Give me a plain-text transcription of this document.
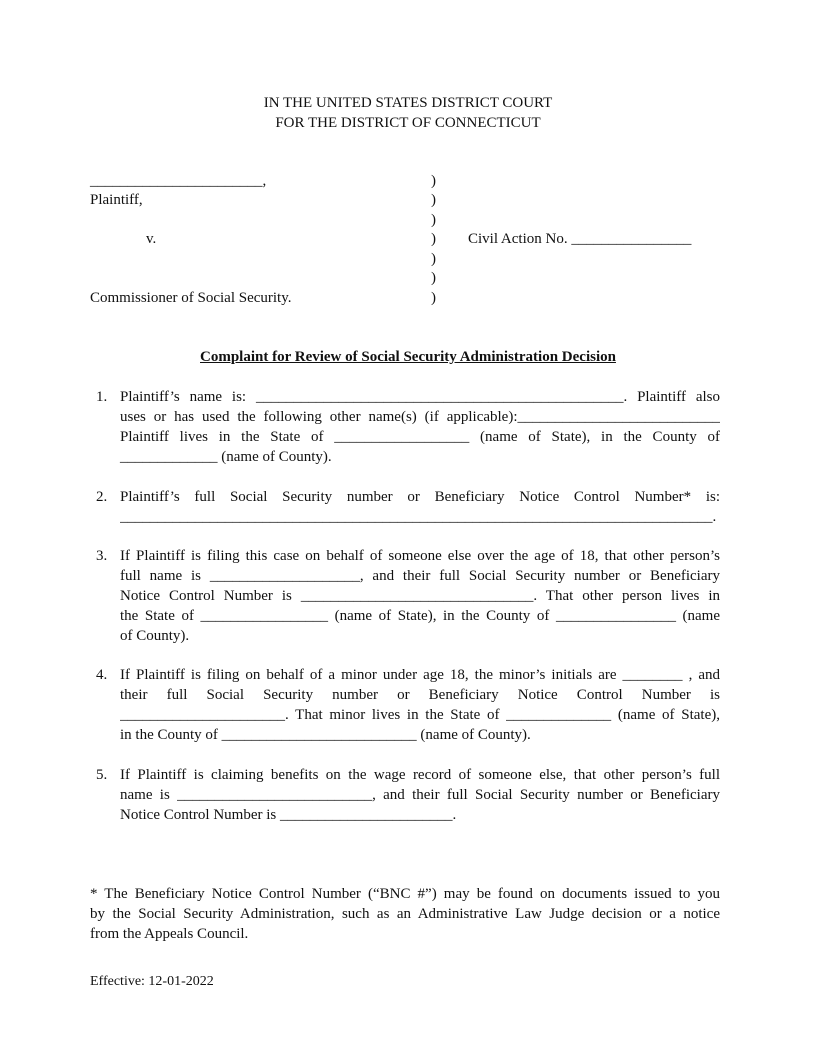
IN THE UNITED STATES DISTRICT COURT
FOR THE DISTRICT OF CONNECTICUT
_______________________,
Plaintiff,
v.
Commissioner of Social Security.
)
)
)
)
)
)
)
Civil Action No. ________________
Complaint for Review of Social Security Administration Decision
1. Plaintiff’s name is: _________________________________________________. Plaintiff also
uses or has used the following other name(s) (if applicable):___________________________
Plaintiff lives in the State of __________________ (name of State), in the County of
_____________ (name of County).
2. Plaintiff’s full Social Security number or Beneficiary Notice Control Number* is:
_______________________________________________________________________________.
3. If Plaintiff is filing this case on behalf of someone else over the age of 18, that other person’s
full name is ____________________, and their full Social Security number or Beneficiary
Notice Control Number is _______________________________. That other person lives in
the State of _________________ (name of State), in the County of ________________ (name
of County).
4. If Plaintiff is filing on behalf of a minor under age 18, the minor’s initials are ________ , and
their full Social Security number or Beneficiary Notice Control Number is
______________________. That minor lives in the State of ______________ (name of State),
in the County of __________________________ (name of County).
5. If Plaintiff is claiming benefits on the wage record of someone else, that other person’s full
name is __________________________, and their full Social Security number or Beneficiary
Notice Control Number is _______________________.
* The Beneficiary Notice Control Number (“BNC #”) may be found on documents issued to you
by the Social Security Administration, such as an Administrative Law Judge decision or a notice
from the Appeals Council.
Effective: 12-01-2022
